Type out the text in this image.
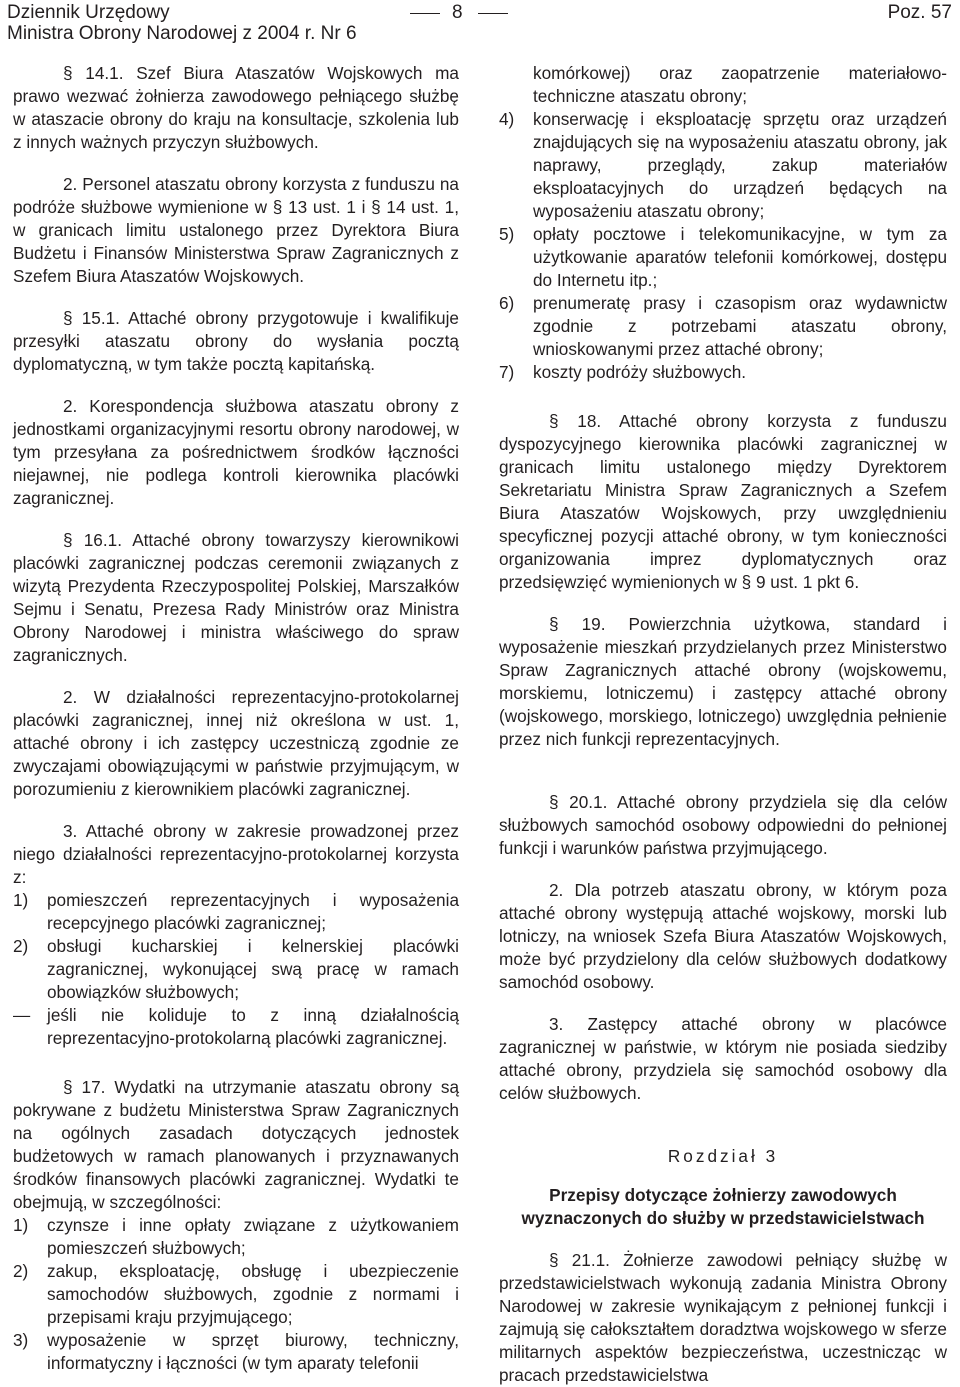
Dziennik Urzędowy
Ministra Obrony Narodowej z 2004 r. Nr 6
8	Poz. 57

§ 14.1. Szef Biura Ataszatów Wojskowych ma prawo wezwać żołnierza zawodowego pełniącego służbę w ataszacie obrony do kraju na konsultacje, szkolenia lub z innych ważnych przyczyn służbowych.

2. Personel ataszatu obrony korzysta z funduszu na podróże służbowe wymienione w § 13 ust. 1 i § 14 ust. 1, w granicach limitu ustalonego przez Dyrektora Biura Budżetu i Finansów Ministerstwa Spraw Zagranicznych z Szefem Biura Ataszatów Wojskowych.

§ 15.1. Attaché obrony przygotowuje i kwalifikuje przesyłki ataszatu obrony do wysłania pocztą dyplomatyczną, w tym także pocztą kapitańską.

2. Korespondencja służbowa ataszatu obrony z jednostkami organizacyjnymi resortu obrony narodowej, w tym przesyłana za pośrednictwem środków łączności niejawnej, nie podlega kontroli kierownika placówki zagranicznej.

§ 16.1. Attaché obrony towarzyszy kierownikowi placówki zagranicznej podczas ceremonii związanych z wizytą Prezydenta Rzeczypospolitej Polskiej, Marszałków Sejmu i Senatu, Prezesa Rady Ministrów oraz Ministra Obrony Narodowej i ministra właściwego do spraw zagranicznych.

2. W działalności reprezentacyjno-protokolarnej placówki zagranicznej, innej niż określona w ust. 1, attaché obrony i ich zastępcy uczestniczą zgodnie ze zwyczajami obowiązującymi w państwie przyjmującym, w porozumieniu z kierownikiem placówki zagranicznej.

3. Attaché obrony w zakresie prowadzonej przez niego działalności reprezentacyjno-protokolarnej korzysta z:

1)	pomieszczeń reprezentacyjnych i wyposażenia recepcyjnego placówki zagranicznej;
2)	obsługi kucharskiej i kelnerskiej placówki zagranicznej, wykonującej swą pracę w ramach obowiązków służbowych;
— jeśli nie koliduje to z inną działalnością reprezentacyjno-protokolarną placówki zagranicznej.

§ 17. Wydatki na utrzymanie ataszatu obrony są pokrywane z budżetu Ministerstwa Spraw Zagranicznych na ogólnych zasadach dotyczących jednostek budżetowych w ramach planowanych i przyznawanych środków finansowych placówki zagranicznej. Wydatki te obejmują, w szczególności:

1)	czynsze i inne opłaty związane z użytkowaniem pomieszczeń służbowych;
2)	zakup, eksploatację, obsługę i ubezpieczenie samochodów służbowych, zgodnie z normami i przepisami kraju przyjmującego;
3)	wyposażenie w sprzęt biurowy, techniczny, informatyczny i łączności (w tym aparaty telefonii

komórkowej) oraz zaopatrzenie materiałowo-techniczne ataszatu obrony;

4)	konserwację i eksploatację sprzętu oraz urządzeń znajdujących się na wyposażeniu ataszatu obrony, jak naprawy, przeglądy, zakup materiałów eksploatacyjnych do urządzeń będących na wyposażeniu ataszatu obrony;
5)	opłaty pocztowe i telekomunikacyjne, w tym za użytkowanie aparatów telefonii komórkowej, dostępu do Internetu itp.;
6)	prenumeratę prasy i czasopism oraz wydawnictw zgodnie z potrzebami ataszatu obrony, wnioskowanymi przez attaché obrony;
7)	koszty podróży służbowych.

§ 18. Attaché obrony korzysta z funduszu dyspozycyjnego kierownika placówki zagranicznej w granicach limitu ustalonego między Dyrektorem Sekretariatu Ministra Spraw Zagranicznych a Szefem Biura Ataszatów Wojskowych, przy uwzględnieniu specyficznej pozycji attaché obrony, w tym konieczności organizowania imprez dyplomatycznych oraz przedsięwzięć wymienionych w § 9 ust. 1 pkt 6.

§ 19. Powierzchnia użytkowa, standard i wyposażenie mieszkań przydzielanych przez Ministerstwo Spraw Zagranicznych attaché obrony (wojskowemu, morskiemu, lotniczemu) i zastępcy attaché obrony (wojskowego, morskiego, lotniczego) uwzględnia pełnienie przez nich funkcji reprezentacyjnych.

§ 20.1. Attaché obrony przydziela się dla celów służbowych samochód osobowy odpowiedni do pełnionej funkcji i warunków państwa przyjmującego.

2. Dla potrzeb ataszatu obrony, w którym poza attaché obrony występują attaché wojskowy, morski lub lotniczy, na wniosek Szefa Biura Ataszatów Wojskowych, może być przydzielony dla celów służbowych dodatkowy samochód osobowy.

3. Zastępcy attaché obrony w placówce zagranicznej w państwie, w którym nie posiada siedziby attaché obrony, przydziela się samochód osobowy dla celów służbowych.

Rozdział 3
Przepisy dotyczące żołnierzy zawodowych wyznaczonych do służby w przedstawicielstwach

§ 21.1. Żołnierze zawodowi pełniący służbę w przedstawicielstwach wykonują zadania Ministra Obrony Narodowej w zakresie wynikającym z pełnionej funkcji i zajmują się całokształtem doradztwa wojskowego w sferze militarnych aspektów bezpieczeństwa, uczestnicząc w pracach przedstawicielstwa
